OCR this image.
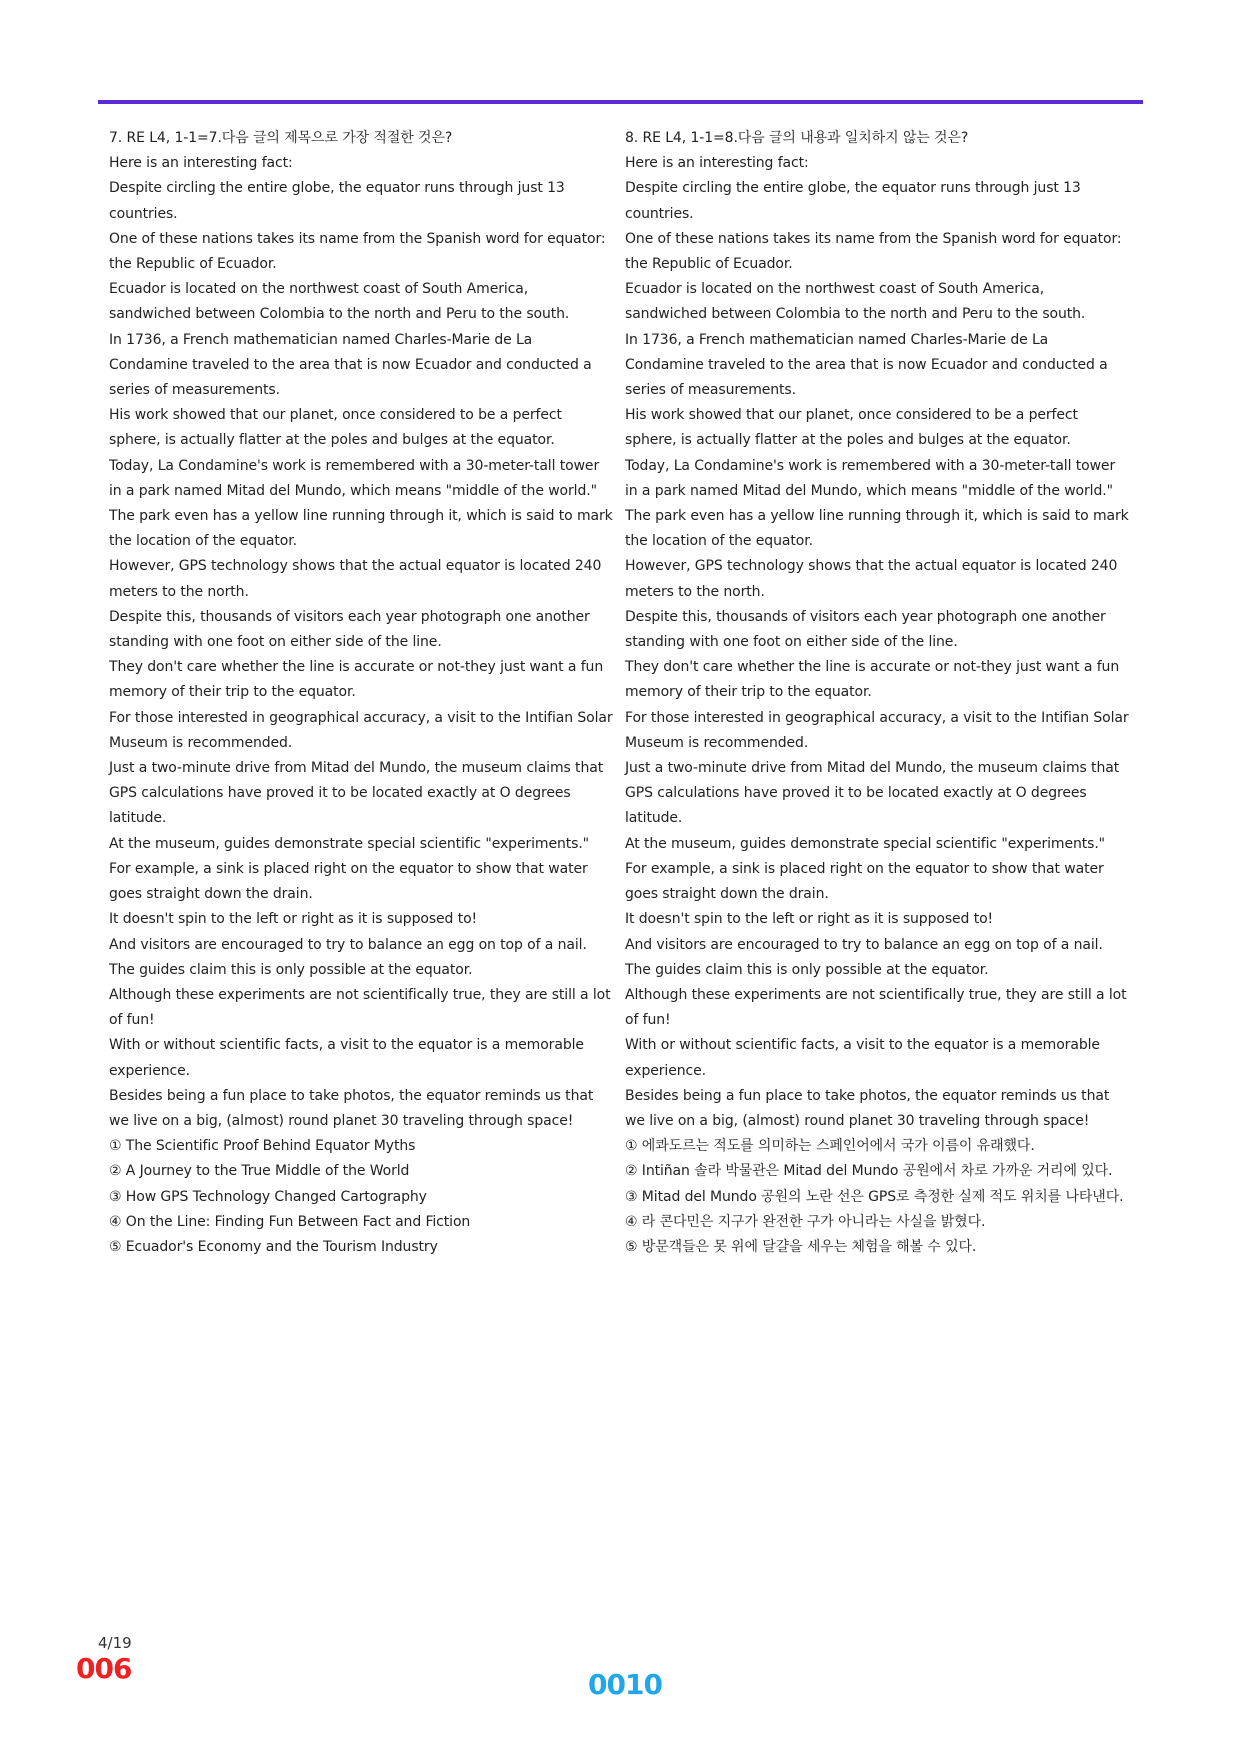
7. RE L4, 1-1=7.다음 글의 제목으로 가장 적절한 것은?

Here is an interesting fact:

Despite circling the entire globe, the equator runs through just 13 countries.

One of these nations takes its name from the Spanish word for equator: the Republic of Ecuador.

Ecuador is located on the northwest coast of South America, sandwiched between Colombia to the north and Peru to the south.

In 1736, a French mathematician named Charles-Marie de La Condamine traveled to the area that is now Ecuador and conducted a series of measurements.

His work showed that our planet, once considered to be a perfect sphere, is actually flatter at the poles and bulges at the equator.

Today, La Condamine's work is remembered with a 30-meter-tall tower in a park named Mitad del Mundo, which means "middle of the world."

The park even has a yellow line running through it, which is said to mark the location of the equator.

However, GPS technology shows that the actual equator is located 240 meters to the north.

Despite this, thousands of visitors each year photograph one another standing with one foot on either side of the line.

They don't care whether the line is accurate or not-they just want a fun memory of their trip to the equator.

For those interested in geographical accuracy, a visit to the Intifian Solar Museum is recommended.

Just a two-minute drive from Mitad del Mundo, the museum claims that GPS calculations have proved it to be located exactly at O degrees latitude.

At the museum, guides demonstrate special scientific "experiments."

For example, a sink is placed right on the equator to show that water goes straight down the drain.

It doesn't spin to the left or right as it is supposed to!

And visitors are encouraged to try to balance an egg on top of a nail.

The guides claim this is only possible at the equator.

Although these experiments are not scientifically true, they are still a lot of fun!

With or without scientific facts, a visit to the equator is a memorable experience.

Besides being a fun place to take photos, the equator reminds us that we live on a big, (almost) round planet 30 traveling through space!

① The Scientific Proof Behind Equator Myths

② A Journey to the True Middle of the World

③ How GPS Technology Changed Cartography

④ On the Line: Finding Fun Between Fact and Fiction

⑤ Ecuador's Economy and the Tourism Industry

8. RE L4, 1-1=8.다음 글의 내용과 일치하지 않는 것은?

Here is an interesting fact:

Despite circling the entire globe, the equator runs through just 13 countries.

One of these nations takes its name from the Spanish word for equator: the Republic of Ecuador.

Ecuador is located on the northwest coast of South America, sandwiched between Colombia to the north and Peru to the south.

In 1736, a French mathematician named Charles-Marie de La Condamine traveled to the area that is now Ecuador and conducted a series of measurements.

His work showed that our planet, once considered to be a perfect sphere, is actually flatter at the poles and bulges at the equator.

Today, La Condamine's work is remembered with a 30-meter-tall tower in a park named Mitad del Mundo, which means "middle of the world."

The park even has a yellow line running through it, which is said to mark the location of the equator.

However, GPS technology shows that the actual equator is located 240 meters to the north.

Despite this, thousands of visitors each year photograph one another standing with one foot on either side of the line.

They don't care whether the line is accurate or not-they just want a fun memory of their trip to the equator.

For those interested in geographical accuracy, a visit to the Intifian Solar Museum is recommended.

Just a two-minute drive from Mitad del Mundo, the museum claims that GPS calculations have proved it to be located exactly at O degrees latitude.

At the museum, guides demonstrate special scientific "experiments."

For example, a sink is placed right on the equator to show that water goes straight down the drain.

It doesn't spin to the left or right as it is supposed to!

And visitors are encouraged to try to balance an egg on top of a nail.

The guides claim this is only possible at the equator.

Although these experiments are not scientifically true, they are still a lot of fun!

With or without scientific facts, a visit to the equator is a memorable experience.

Besides being a fun place to take photos, the equator reminds us that we live on a big, (almost) round planet 30 traveling through space!

① 에콰도르는 적도를 의미하는 스페인어에서 국가 이름이 유래했다.

② Intiñan 솔라 박물관은 Mitad del Mundo 공원에서 차로 가까운 거리에 있다.

③ Mitad del Mundo 공원의 노란 선은 GPS로 측정한 실제 적도 위치를 나타낸다.

④ 라 콘다민은 지구가 완전한 구가 아니라는 사실을 밝혔다.

⑤ 방문객들은 못 위에 달걀을 세우는 체험을 해볼 수 있다.

4/19
006	0010
